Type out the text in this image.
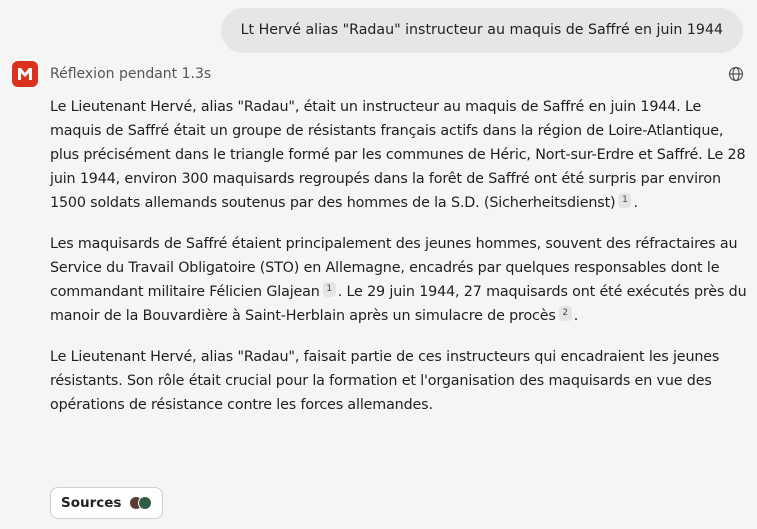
Lt Hervé alias "Radau" instructeur au maquis de Saffré en juin 1944
Réflexion pendant 1.3s

Le Lieutenant Hervé, alias "Radau", était un instructeur au maquis de Saffré en juin 1944. Le maquis de Saffré était un groupe de résistants français actifs dans la région de Loire-Atlantique, plus précisément dans le triangle formé par les communes de Héric, Nort-sur-Erdre et Saffré. Le 28 juin 1944, environ 300 maquisards regroupés dans la forêt de Saffré ont été surpris par environ 1500 soldats allemands soutenus par des hommes de la S.D. (Sicherheitsdienst) 1 .

Les maquisards de Saffré étaient principalement des jeunes hommes, souvent des réfractaires au Service du Travail Obligatoire (STO) en Allemagne, encadrés par quelques responsables dont le commandant militaire Félicien Glajean 1 . Le 29 juin 1944, 27 maquisards ont été exécutés près du manoir de la Bouvardière à Saint-Herblain après un simulacre de procès 2 .

Le Lieutenant Hervé, alias "Radau", faisait partie de ces instructeurs qui encadraient les jeunes résistants. Son rôle était crucial pour la formation et l'organisation des maquisards en vue des opérations de résistance contre les forces allemandes.

Sources
